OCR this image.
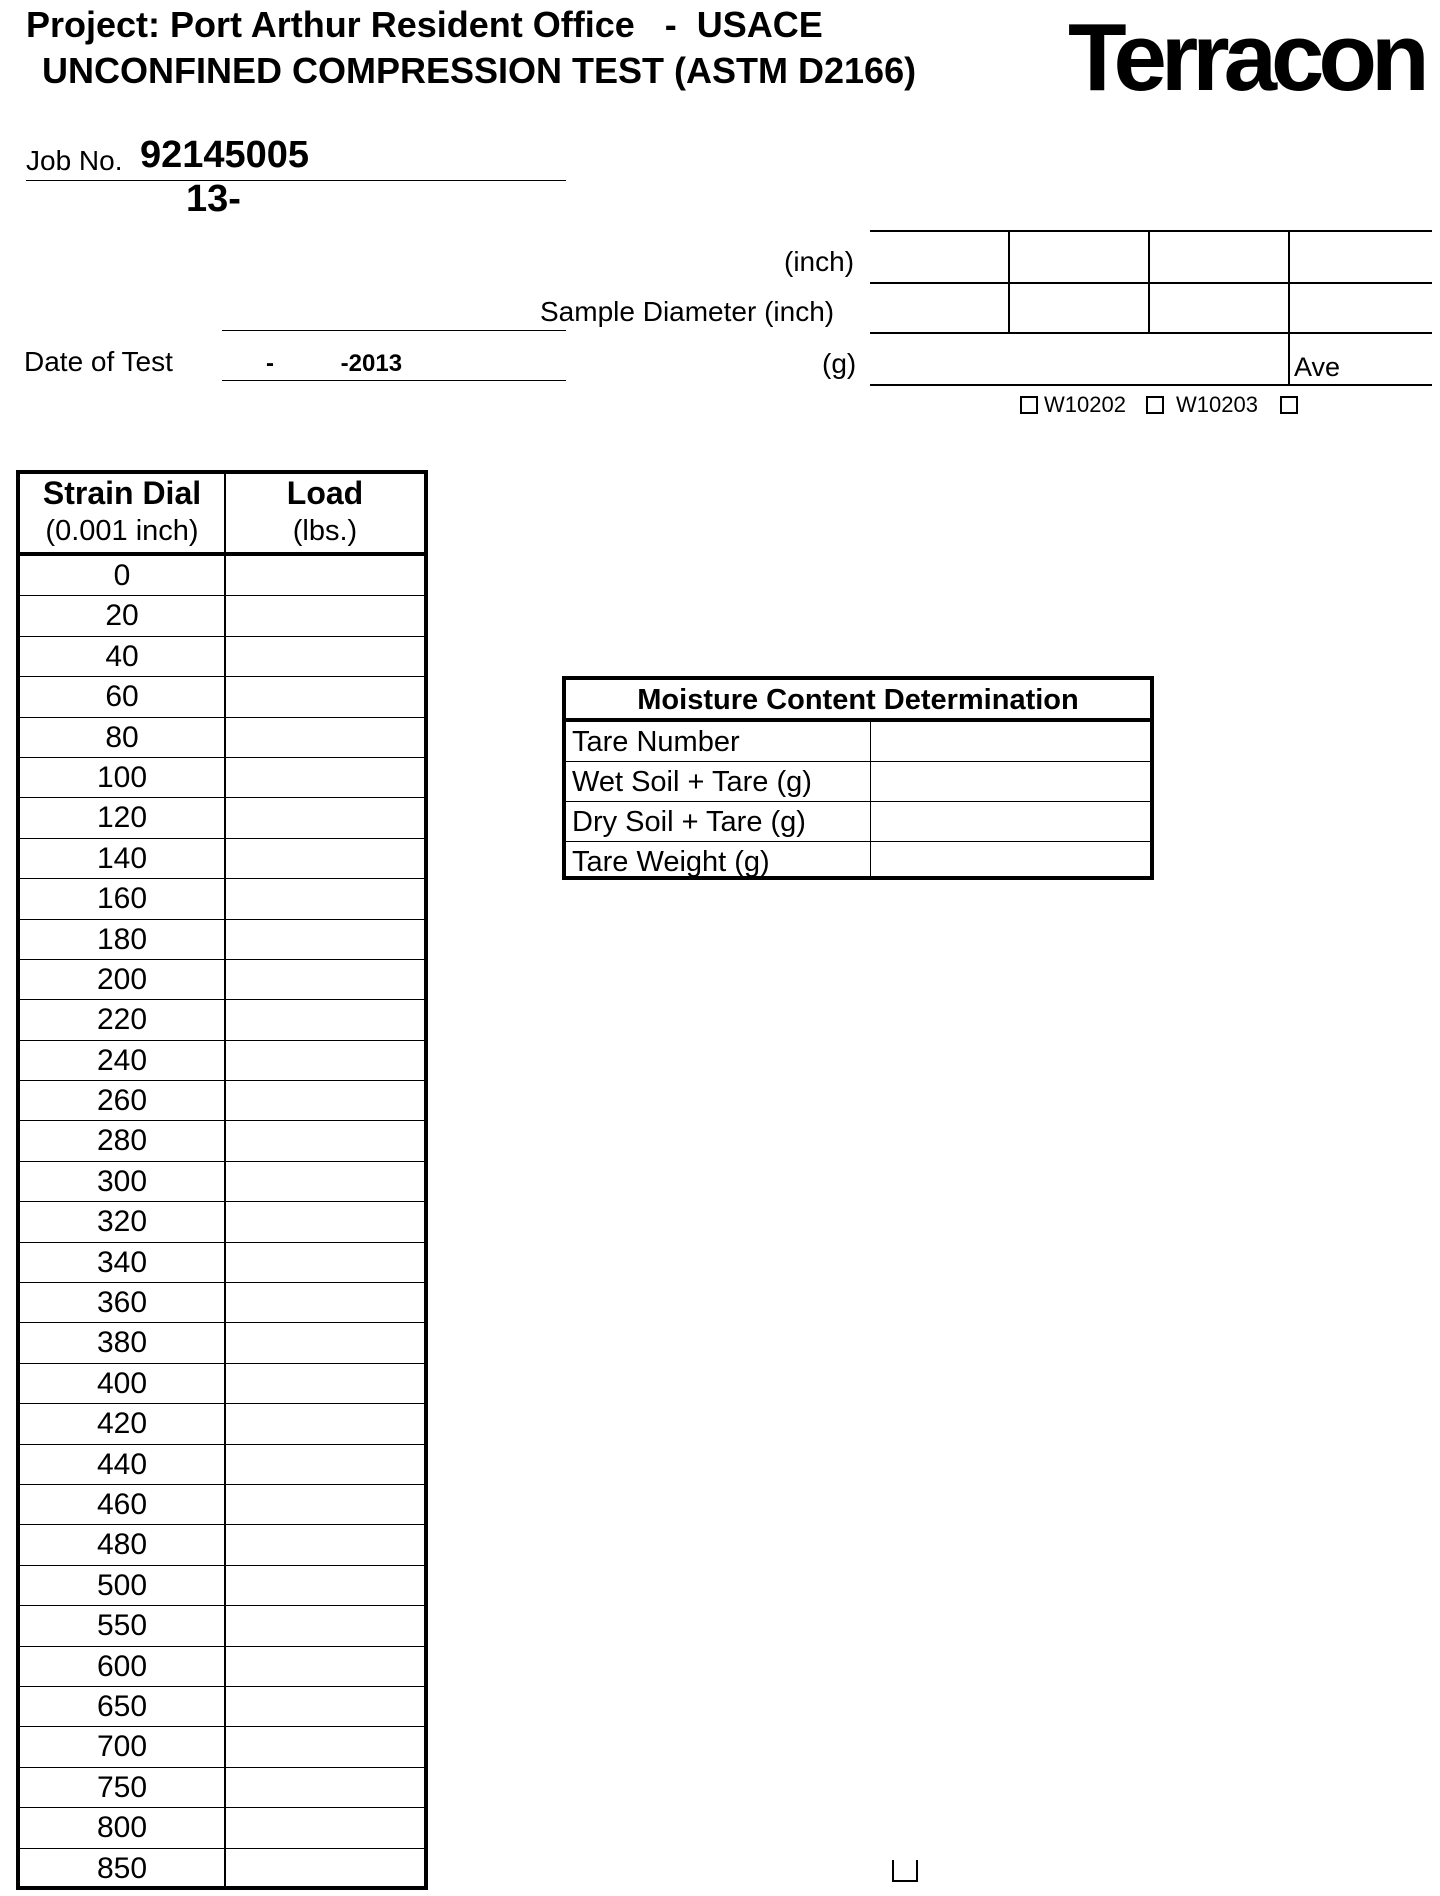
Project: Port Arthur Resident Office   -  USACE
UNCONFINED COMPRESSION TEST (ASTM D2166) Terracon
Job No. 92145005
13-
Date of Test	-          -2013
(inch)
Sample Diameter (inch)
(g)	Ave
W10202 W10203
Strain Dial
(0.001 inch)
Load
(lbs.)
0
20
40
60
80
100
120
140
160
180
200
220
240
260
280
300
320
340
360
380
400
420
440
460
480
500
550
600
650
700
750
800
850
Moisture Content Determination
Tare Number
Wet Soil + Tare (g)
Dry Soil + Tare (g)
Tare Weight (g)
